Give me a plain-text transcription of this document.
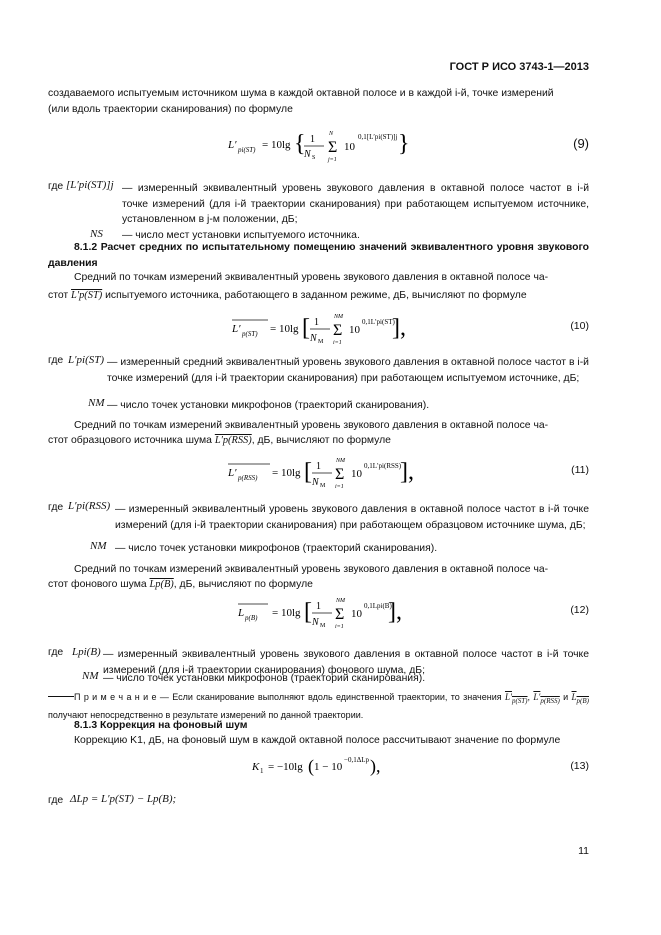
ГОСТ Р ИСО 3743-1—2013

создаваемого испытуемым источником шума в каждой октавной полосе и в каждой i-й, точке измерений
(или вдоль траектории сканирования) по формуле

L′ pi(ST) = 10lg { 1
N S
Σ
N
j=1
10
0,1[L′pi(ST)]j }	(9)
где [L′pi(ST)]j — измеренный эквивалентный уровень звукового давления в октавной полосе частот в i-й точке измерений (для i-й траектории сканирования) при работающем испытуемом источнике, установленном в j-м положении, дБ;
NS — число мест установки испытуемого источника.

8.1.2 Расчет средних по испытательному помещению значений эквивалентного уровня звукового давления

Средний по точкам измерений эквивалентный уровень звукового давления в октавной полосе ча-

стот L′p(ST) испытуемого источника, работающего в заданном режиме, дБ, вычисляют по формуле

L′ p(ST) = 10lg [ 1
N M
Σ
NM
i=1
10
0,1L′pi(ST)
],	(10)
где L′pi(ST) — измеренный средний эквивалентный уровень звукового давления в октавной полосе частот в i-й точке измерений (для i-й траектории сканирования) при работающем испытуемом источнике, дБ;
NM — число точек установки микрофонов (траекторий сканирования).

Средний по точкам измерений эквивалентный уровень звукового давления в октавной полосе ча-

стот образцового источника шума L′p(RSS), дБ, вычисляют по формуле

L′ p(RSS) = 10lg [ 1
N M
Σ
NM
i=1
10
0,1L′pi(RSS)
],	(11)
где L′pi(RSS) — измеренный эквивалентный уровень звукового давления в октавной полосе частот в i-й точке измерений (для i-й траектории сканирования) при работающем образцовом источнике шума, дБ;
NM — число точек установки микрофонов (траекторий сканирования).

Средний по точкам измерений эквивалентный уровень звукового давления в октавной полосе ча-

стот фонового шума Lp(B), дБ, вычисляют по формуле

L p(B) = 10lg [ 1
N M
Σ
NM
i=1
10
0,1Lpi(B)
],	(12)
где Lpi(B) — измеренный эквивалентный уровень звукового давления в октавной полосе частот в i-й точке измерений (для i-й траектории сканирования) фонового шума, дБ;
NM — число точек установки микрофонов (траекторий сканирования).
П р и м е ч а н и е — Если сканирование выполняют вдоль единственной траектории, то значения $L'_{p(ST)}$, $L'_{p(RSS)}$ и $L_{p(B)}$ получают непосредственно в результате измерений по данной траектории.

8.1.3 Коррекция на фоновый шум

Коррекцию K1, дБ, на фоновый шум в каждой октавной полосе рассчитывают значение по формуле

K 1 = −10lg ( 1 − 10
−0,1ΔLp ),	(13)
где ΔLp = L′p(ST) − Lp(B);
11
